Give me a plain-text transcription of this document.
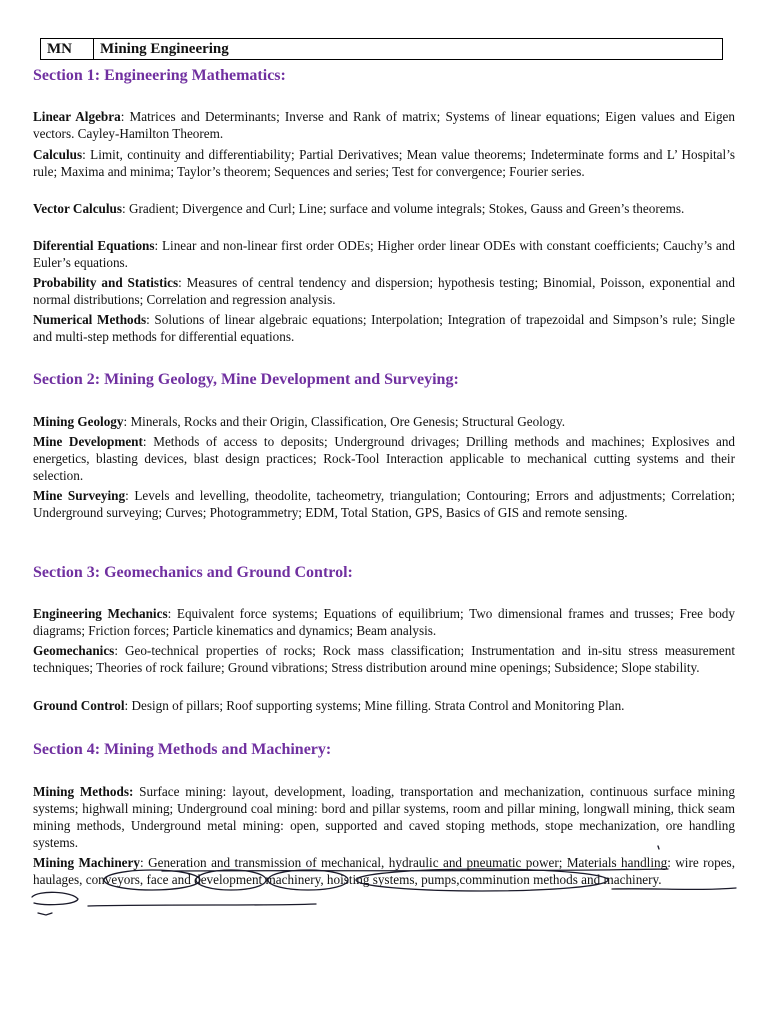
MN	Mining Engineering
Section 1: Engineering Mathematics:

Linear Algebra: Matrices and Determinants; Inverse and Rank of matrix; Systems of linear equations; Eigen values and Eigen vectors. Cayley-Hamilton Theorem.

Calculus: Limit, continuity and differentiability; Partial Derivatives; Mean value theorems; Indeterminate forms and L’ Hospital’s rule; Maxima and minima; Taylor’s theorem; Sequences and series; Test for convergence; Fourier series.

Vector Calculus: Gradient; Divergence and Curl; Line; surface and volume integrals; Stokes, Gauss and Green’s theorems.

Diferential Equations: Linear and non-linear first order ODEs; Higher order linear ODEs with constant coefficients; Cauchy’s and Euler’s equations.

Probability and Statistics: Measures of central tendency and dispersion; hypothesis testing; Binomial, Poisson, exponential and normal distributions; Correlation and regression analysis.

Numerical Methods: Solutions of linear algebraic equations; Interpolation; Integration of trapezoidal and Simpson’s rule; Single and multi-step methods for differential equations.

Section 2: Mining Geology, Mine Development and Surveying:

Mining Geology: Minerals, Rocks and their Origin, Classification, Ore Genesis; Structural Geology.

Mine Development: Methods of access to deposits; Underground drivages; Drilling methods and machines; Explosives and energetics, blasting devices, blast design practices; Rock-Tool Interaction applicable to mechanical cutting systems and their selection.

Mine Surveying: Levels and levelling, theodolite, tacheometry, triangulation; Contouring; Errors and adjustments; Correlation; Underground surveying; Curves; Photogrammetry; EDM, Total Station, GPS, Basics of GIS and remote sensing.

Section 3: Geomechanics and Ground Control:

Engineering Mechanics: Equivalent force systems; Equations of equilibrium; Two dimensional frames and trusses; Free body diagrams; Friction forces; Particle kinematics and dynamics; Beam analysis.

Geomechanics: Geo-technical properties of rocks; Rock mass classification; Instrumentation and in-situ stress measurement techniques; Theories of rock failure; Ground vibrations; Stress distribution around mine openings; Subsidence; Slope stability.

Ground Control: Design of pillars; Roof supporting systems; Mine filling. Strata Control and Monitoring Plan.

Section 4: Mining Methods and Machinery:

Mining Methods: Surface mining: layout, development, loading, transportation and mechanization, continuous surface mining systems; highwall mining; Underground coal mining: bord and pillar systems, room and pillar mining, longwall mining, thick seam mining methods, Underground metal mining: open, supported and caved stoping methods, stope mechanization, ore handling systems.

Mining Machinery: Generation and transmission of mechanical, hydraulic and pneumatic power; Materials handling: wire ropes, haulages, conveyors, face and development machinery, hoisting systems, pumps,comminution methods and machinery.
